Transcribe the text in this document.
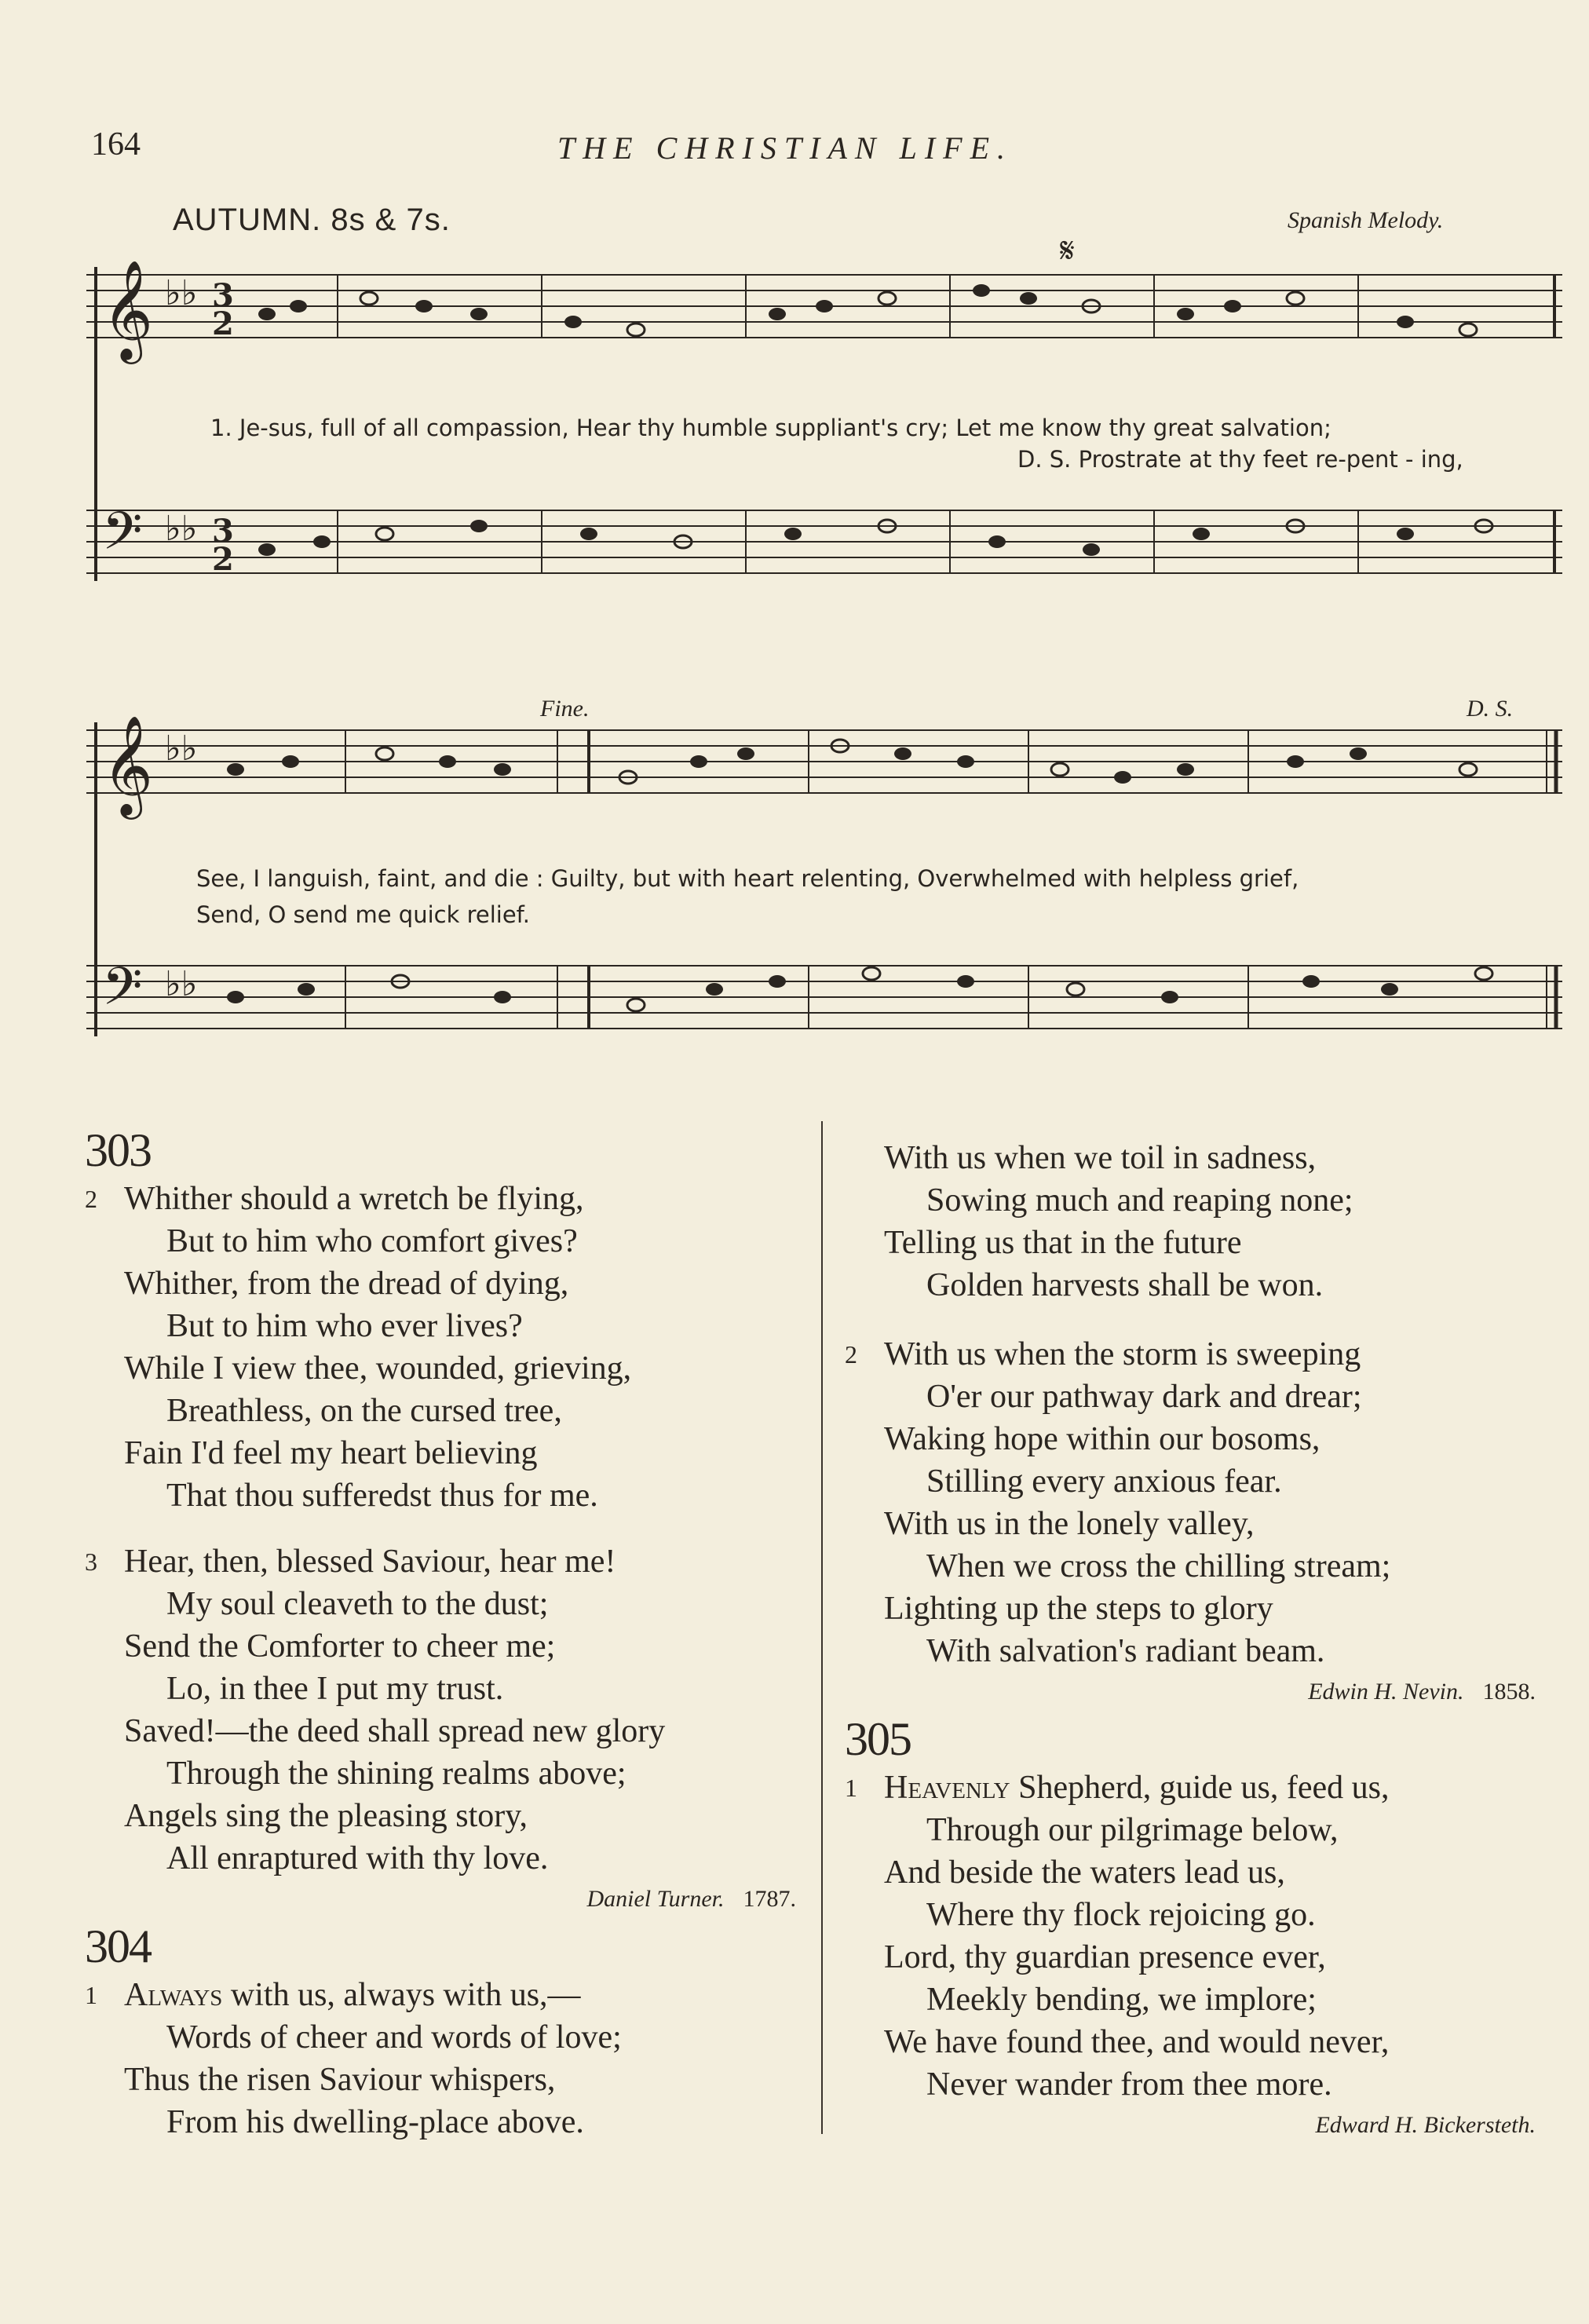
164	THE CHRISTIAN LIFE.
AUTUMN. 8s & 7s.	Spanish Melody.
𝄞 ♭♭ 3
2
𝄢 ♭♭ 3
2
𝄋
1. Je-sus, full of all compassion, Hear thy humble suppliant's cry; Let me know thy great salvation;
D. S. Prostrate at thy feet re-pent - ing,
𝄞 ♭♭
𝄢 ♭♭
Fine.	D. S.
See, I languish, faint, and die : Guilty, but with heart relenting, Overwhelmed with helpless grief,
Send, O send me quick relief.
303
2 Whither should a wretch be flying,
But to him who comfort gives?
Whither, from the dread of dying,
But to him who ever lives?
While I view thee, wounded, grieving,
Breathless, on the cursed tree,
Fain I'd feel my heart believing
That thou sufferedst thus for me.
3 Hear, then, blessed Saviour, hear me!
My soul cleaveth to the dust;
Send the Comforter to cheer me;
Lo, in thee I put my trust.
Saved!—the deed shall spread new glory
Through the shining realms above;
Angels sing the pleasing story,
All enraptured with thy love.
Daniel Turner. 1787.
304
1 Always with us, always with us,—
Words of cheer and words of love;
Thus the risen Saviour whispers,
From his dwelling-place above.
With us when we toil in sadness,
Sowing much and reaping none;
Telling us that in the future
Golden harvests shall be won.
2 With us when the storm is sweeping
O'er our pathway dark and drear;
Waking hope within our bosoms,
Stilling every anxious fear.
With us in the lonely valley,
When we cross the chilling stream;
Lighting up the steps to glory
With salvation's radiant beam.
Edwin H. Nevin. 1858.
305
1 Heavenly Shepherd, guide us, feed us,
Through our pilgrimage below,
And beside the waters lead us,
Where thy flock rejoicing go.
Lord, thy guardian presence ever,
Meekly bending, we implore;
We have found thee, and would never,
Never wander from thee more.
Edward H. Bickersteth.
